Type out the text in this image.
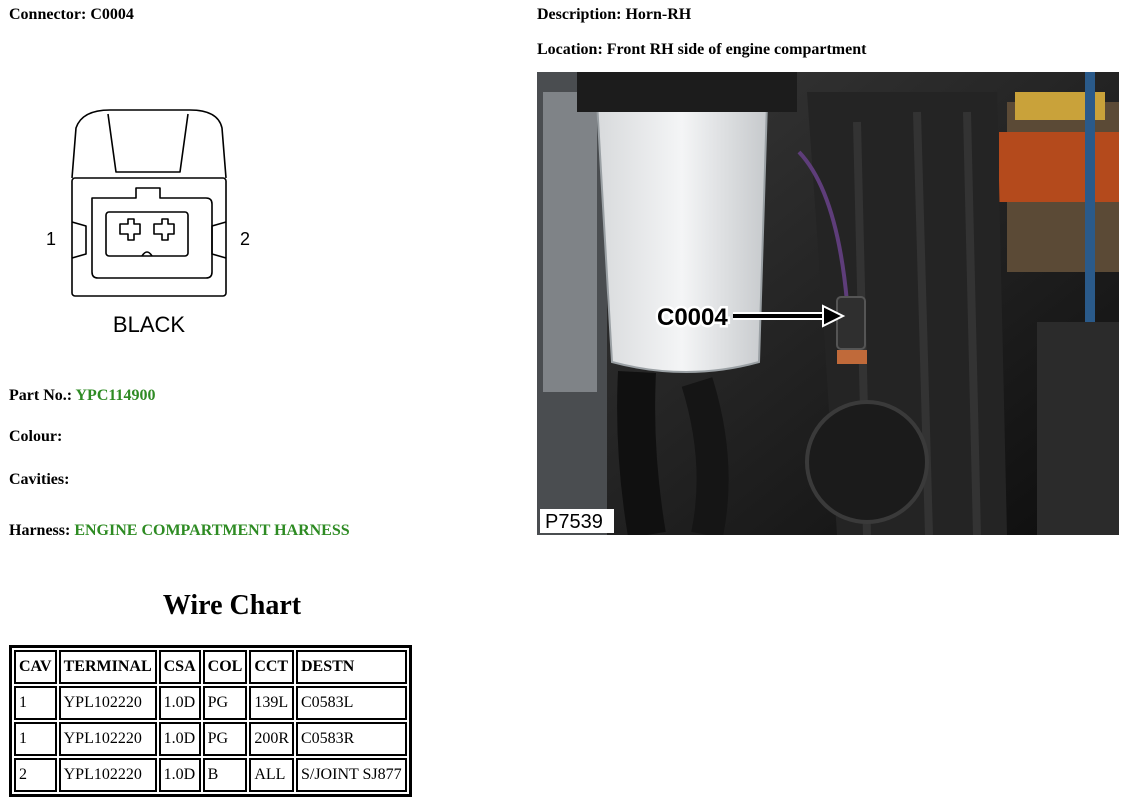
Connector: C0004	Description: Horn-RH
Location: Front RH side of engine compartment
1	2
BLACK
Part No.: YPC114900
Colour:
Cavities:
Harness: ENGINE COMPARTMENT HARNESS
Wire Chart
CAV	TERMINAL	CSA	COL	CCT	DESTN
1	YPL102220	1.0D	PG	139L	C0583L
1	YPL102220	1.0D	PG	200R	C0583R
2	YPL102220	1.0D	B	ALL	S/JOINT SJ877
C0004
P7539
